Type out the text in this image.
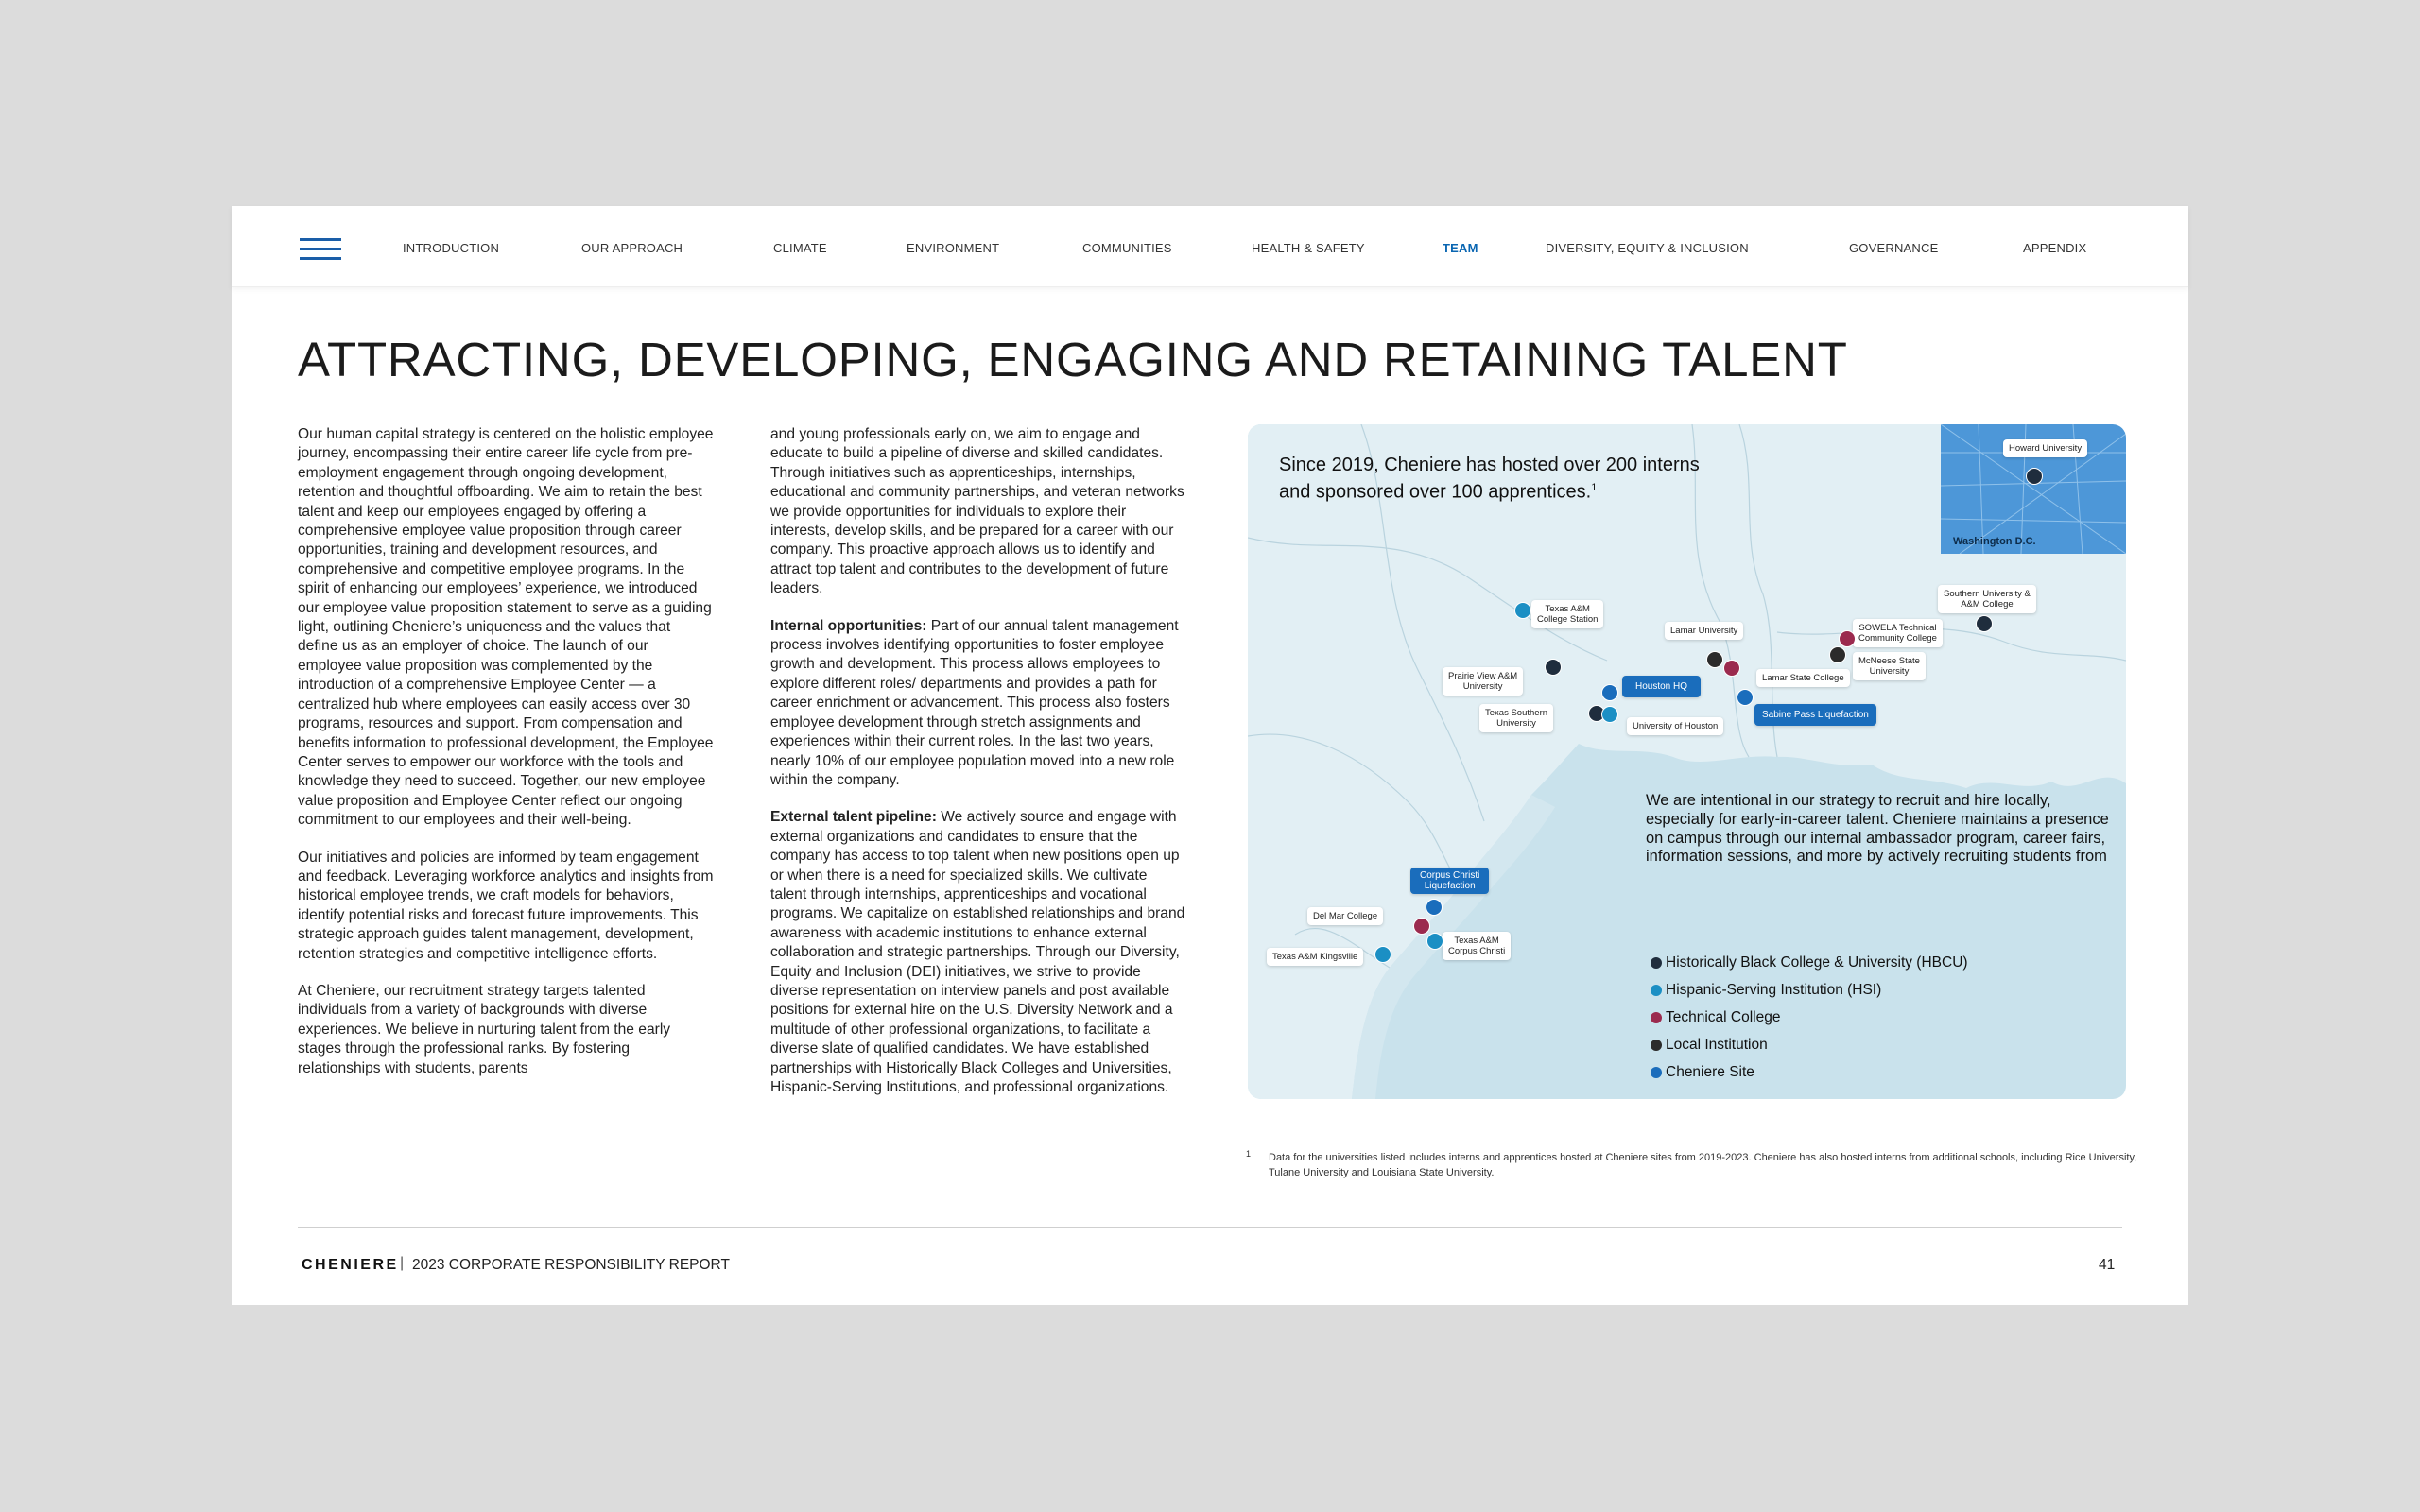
INTRODUCTION	OUR APPROACH	CLIMATE	ENVIRONMENT	COMMUNITIES	HEALTH & SAFETY	TEAM	DIVERSITY, EQUITY & INCLUSION	GOVERNANCE	APPENDIX
ATTRACTING, DEVELOPING, ENGAGING AND RETAINING TALENT

Our human capital strategy is centered on the holistic employee journey, encompassing their entire career life cycle from pre-employment engagement through ongoing development, retention and thoughtful offboarding. We aim to retain the best talent and keep our employees engaged by offering a comprehensive employee value proposition through career opportunities, training and development resources, and comprehensive and competitive employee programs. In the spirit of enhancing our employees’ experience, we introduced our employee value proposition statement to serve as a guiding light, outlining Cheniere’s uniqueness and the values that define us as an employer of choice. The launch of our employee value proposition was complemented by the introduction of a comprehensive Employee Center — a centralized hub where employees can easily access over 30 programs, resources and support. From compensation and benefits information to professional development, the Employee Center serves to empower our workforce with the tools and knowledge they need to succeed. Together, our new employee value proposition and Employee Center reflect our ongoing commitment to our employees and their well-being.

Our initiatives and policies are informed by team engagement and feedback. Leveraging workforce analytics and insights from historical employee trends, we craft models for behaviors, identify potential risks and forecast future improvements. This strategic approach guides talent management, development, retention strategies and competitive intelligence efforts.

At Cheniere, our recruitment strategy targets talented individuals from a variety of backgrounds with diverse experiences. We believe in nurturing talent from the early stages through the professional ranks. By fostering relationships with students, parents

and young professionals early on, we aim to engage and educate to build a pipeline of diverse and skilled candidates. Through initiatives such as apprenticeships, internships, educational and community partnerships, and veteran networks we provide opportunities for individuals to explore their interests, develop skills, and be prepared for a career with our company. This proactive approach allows us to identify and attract top talent and contributes to the development of future leaders.

Internal opportunities: Part of our annual talent management process involves identifying opportunities to foster employee growth and development. This process allows employees to explore different roles/ departments and provides a path for career enrichment or advancement. This process also fosters employee development through stretch assignments and experiences within their current roles. In the last two years, nearly 10% of our employee population moved into a new role within the company.

External talent pipeline: We actively source and engage with external organizations and candidates to ensure that the company has access to top talent when new positions open up or when there is a need for specialized skills. We cultivate talent through internships, apprenticeships and vocational programs. We capitalize on established relationships and brand awareness with academic institutions to enhance external collaboration and strategic partnerships. Through our Diversity, Equity and Inclusion (DEI) initiatives, we strive to provide diverse representation on interview panels and post available positions for external hire on the U.S. Diversity Network and a multitude of other professional organizations, to facilitate a diverse slate of qualified candidates. We have established partnerships with Historically Black Colleges and Universities, Hispanic-Serving Institutions, and professional organizations.

Since 2019, Cheniere has hosted over 200 interns and sponsored over 100 apprentices.$^1$
Howard University
Washington D.C.
Texas A&M
College Station
Lamar University
Southern University &
A&M College
SOWELA Technical
Community College
McNeese State
University
Lamar State College
Prairie View A&M
University	Houston HQ
Sabine Pass Liquefaction
Texas Southern
University	University of Houston
Corpus Christi
Liquefaction
Del Mar College
Texas A&M
Corpus Christi
Texas A&M Kingsville
We are intentional in our strategy to recruit and hire locally, especially for early-in-career talent. Cheniere maintains a presence on campus through our internal ambassador program, career fairs, information sessions, and more by actively recruiting students from
Historically Black College & University (HBCU)
Hispanic-Serving Institution (HSI)
Technical College
Local Institution
Cheniere Site
1	Data for the universities listed includes interns and apprentices hosted at Cheniere sites from 2019-2023. Cheniere has also hosted interns from additional schools, including Rice University, Tulane University and Louisiana State University.
CHENIERE | 2023 CORPORATE RESPONSIBILITY REPORT	41
